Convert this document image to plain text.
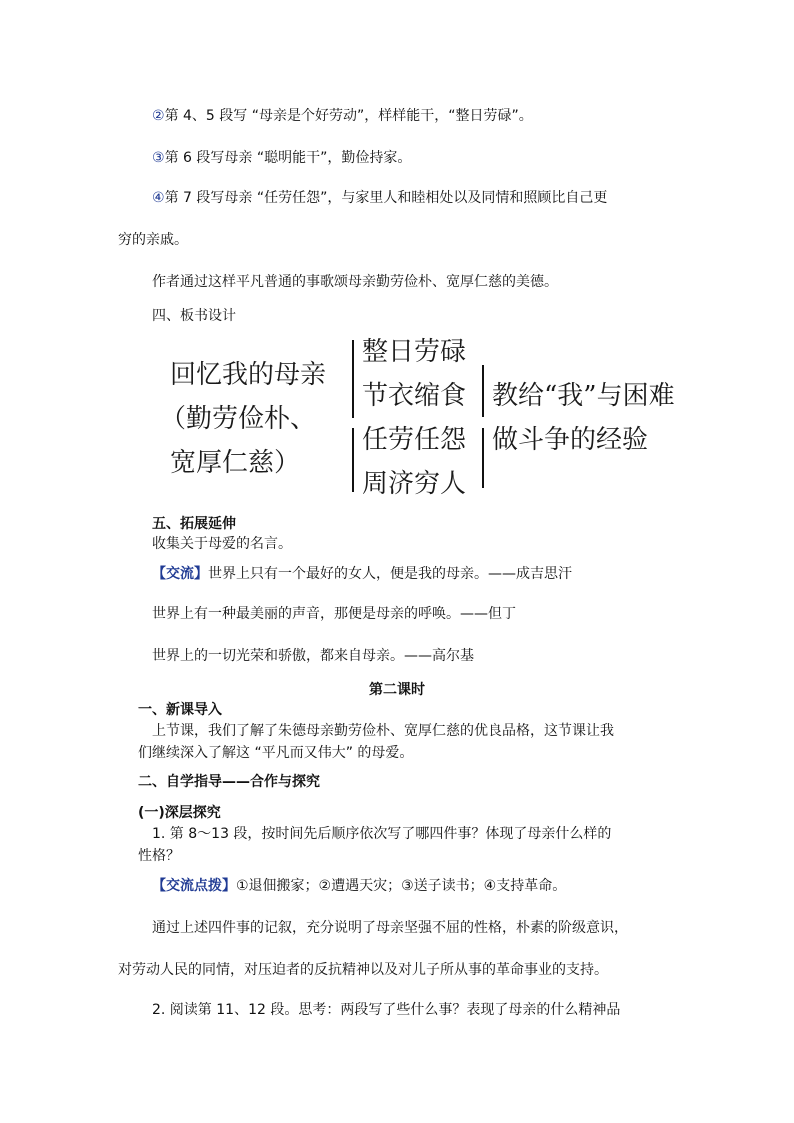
②第 4、5 段写 “母亲是个好劳动”，样样能干，“整日劳碌”。
③第 6 段写母亲 “聪明能干”，勤俭持家。
④第 7 段写母亲 “任劳任怨”，与家里人和睦相处以及同情和照顾比自己更
穷的亲戚。
作者通过这样平凡普通的事歌颂母亲勤劳俭朴、宽厚仁慈的美德。
四、板书设计
回忆我的母亲
（勤劳俭朴、
宽厚仁慈）
整日劳碌
节衣缩食
任劳任怨
周济穷人
教给“我”与困难
做斗争的经验
五、拓展延伸
收集关于母爱的名言。
【交流】世界上只有一个最好的女人，便是我的母亲。——成吉思汗
世界上有一种最美丽的声音，那便是母亲的呼唤。——但丁
世界上的一切光荣和骄傲，都来自母亲。——高尔基
第二课时
一、新课导入
上节课，我们了解了朱德母亲勤劳俭朴、宽厚仁慈的优良品格，这节课让我
们继续深入了解这 “平凡而又伟大” 的母爱。
二、自学指导——合作与探究
(一)深层探究
1. 第 8～13 段，按时间先后顺序依次写了哪四件事？体现了母亲什么样的
性格？
【交流点拨】①退佃搬家；②遭遇天灾；③送子读书；④支持革命。
通过上述四件事的记叙，充分说明了母亲坚强不屈的性格，朴素的阶级意识，
对劳动人民的同情，对压迫者的反抗精神以及对儿子所从事的革命事业的支持。
2. 阅读第 11、12 段。思考：两段写了些什么事？表现了母亲的什么精神品
